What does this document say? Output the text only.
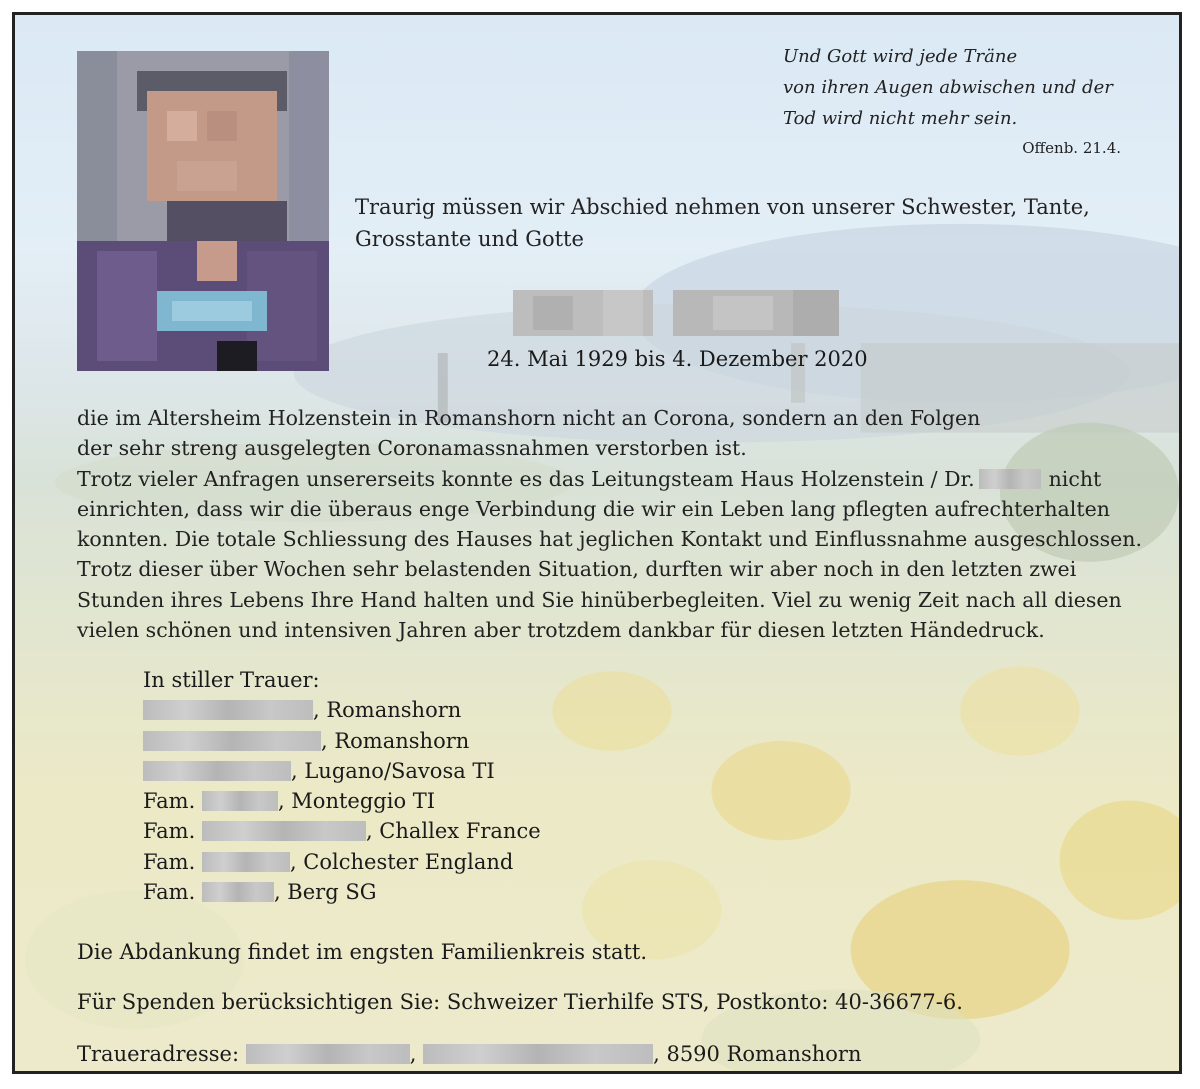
Und Gott wird jede Träne
von ihren Augen abwischen und der
Tod wird nicht mehr sein.
Offenb. 21.4.
Traurig müssen wir Abschied nehmen von unserer Schwester, Tante,
Grosstante und Gotte
24. Mai 1929 bis 4. Dezember 2020
die im Altersheim Holzenstein in Romanshorn nicht an Corona, sondern an den Folgen
der sehr streng ausgelegten Coronamassnahmen verstorben ist.
Trotz vieler Anfragen unsererseits konnte es das Leitungsteam Haus Holzenstein / Dr.	nicht
einrichten, dass wir die überaus enge Verbindung die wir ein Leben lang pflegten aufrechterhalten
konnten. Die totale Schliessung des Hauses hat jeglichen Kontakt und Einflussnahme ausgeschlossen.
Trotz dieser über Wochen sehr belastenden Situation, durften wir aber noch in den letzten zwei
Stunden ihres Lebens Ihre Hand halten und Sie hinüberbegleiten. Viel zu wenig Zeit nach all diesen
vielen schönen und intensiven Jahren aber trotzdem dankbar für diesen letzten Händedruck.
In stiller Trauer:
, Romanshorn
, Romanshorn
, Lugano/Savosa TI
Fam.	, Monteggio TI
Fam.	, Challex France
Fam.	, Colchester England
Fam.	, Berg SG
Die Abdankung findet im engsten Familienkreis statt.
Für Spenden berücksichtigen Sie: Schweizer Tierhilfe STS, Postkonto: 40-36677-6.
Traueradresse:	,	, 8590 Romanshorn
